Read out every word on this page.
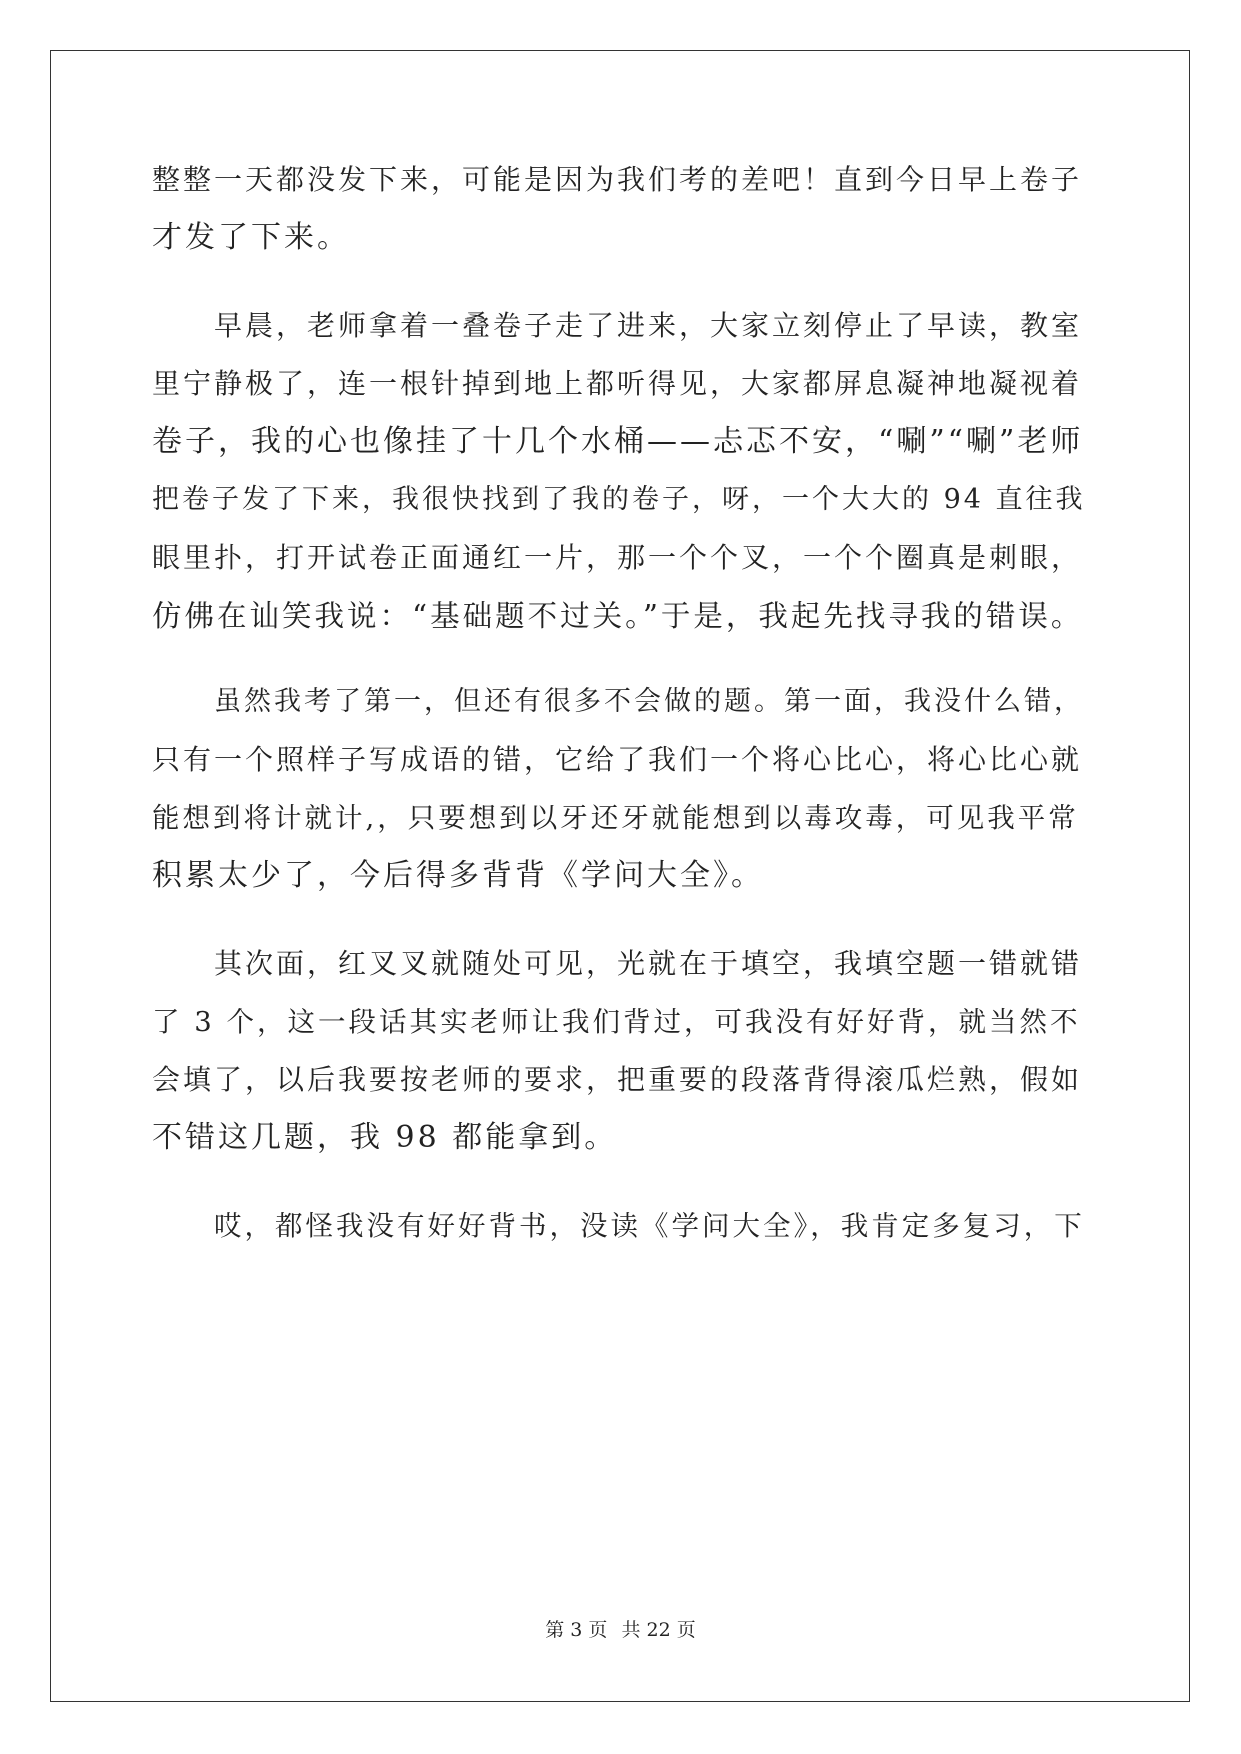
整整一天都没发下来，可能是因为我们考的差吧！直到今日早上卷子
才发了下来。
早晨，老师拿着一叠卷子走了进来，大家立刻停止了早读，教室
里宁静极了，连一根针掉到地上都听得见，大家都屏息凝神地凝视着
卷子，我的心也像挂了十几个水桶——忐忑不安，“唰”“唰”老师
把卷子发了下来，我很快找到了我的卷子，呀，一个大大的 94 直往我
眼里扑，打开试卷正面通红一片，那一个个叉，一个个圈真是刺眼，
仿佛在讪笑我说：“基础题不过关。”于是，我起先找寻我的错误。
虽然我考了第一，但还有很多不会做的题。第一面，我没什么错，
只有一个照样子写成语的错，它给了我们一个将心比心，将心比心就
能想到将计就计,，只要想到以牙还牙就能想到以毒攻毒，可见我平常
积累太少了，今后得多背背《学问大全》。
其次面，红叉叉就随处可见，光就在于填空，我填空题一错就错
了 3 个，这一段话其实老师让我们背过，可我没有好好背，就当然不
会填了，以后我要按老师的要求，把重要的段落背得滚瓜烂熟，假如
不错这几题，我 98 都能拿到。
哎，都怪我没有好好背书，没读《学问大全》，我肯定多复习，下
第 3 页 共 22 页
